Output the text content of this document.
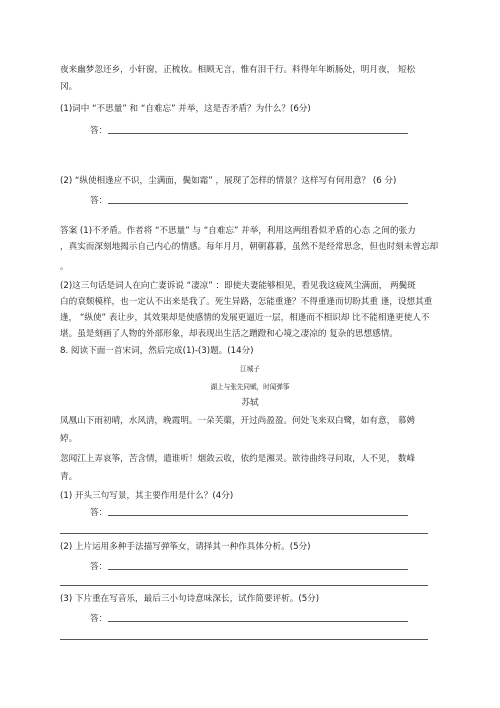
夜来幽梦忽还乡，小轩窗，正梳妆。相顾无言，惟有泪千行。料得年年断肠处，明月夜， 短松
冈。
(1)词中 “不思量” 和 “自难忘” 并举，这是否矛盾？为什么？(6分)
答：
(2) “纵使相逢应不识，尘满面，鬓如霜” ，展现了怎样的情景？这样写有何用意？ (6 分)
答：
答案 (1)不矛盾。作者将 “不思量” 与 “自难忘” 并举，利用这两组看似矛盾的心态 之间的张力
，真实而深刻地揭示自己内心的情感。每年月月，朝朝暮暮，虽然不是经常思念，但也时刻未曾忘却
。
(2)这三句话是词人在向亡妻诉说 “凄凉” ：即使夫妻能够相见，看见我这疲风尘满面， 两鬓斑
白的衰颓模样，也一定认不出来是我了。死生异路，怎能重逢？不得重逢而切盼其重 逢，设想其重
逢， “纵使” 表让步，其效果却是使感情的发展更逼近一层，相逢而不相识却 比不能相逢更使人不
堪。虽是刻画了人物的外部形象，却表现出生活之蹭蹬和心境之凄凉的 复杂的思想感情。
8. 阅读下面一首宋词，然后完成(1)-(3)题。(14分)
江城子
湖上与张先同赋，时闻弹筝
苏轼
凤凰山下雨初晴，水风清，晚霞明。一朵芙蕖，开过尚盈盈。何处飞来双白鹭，如有意， 慕娉
婷。
忽闻江上弄哀筝，苦含情，遣谁听！烟敛云收，依约是湘灵。欲待曲终寻问取，人不见， 数峰
青。
(1) 开头三句写景，其主要作用是什么？(4分)
答：
(2) 上片运用多种手法描写弹筝女，请择其一种作具体分析。(5分)
答：
(3) 下片重在写音乐，最后三小句诗意味深长，试作简要评析。(5分)
答：
